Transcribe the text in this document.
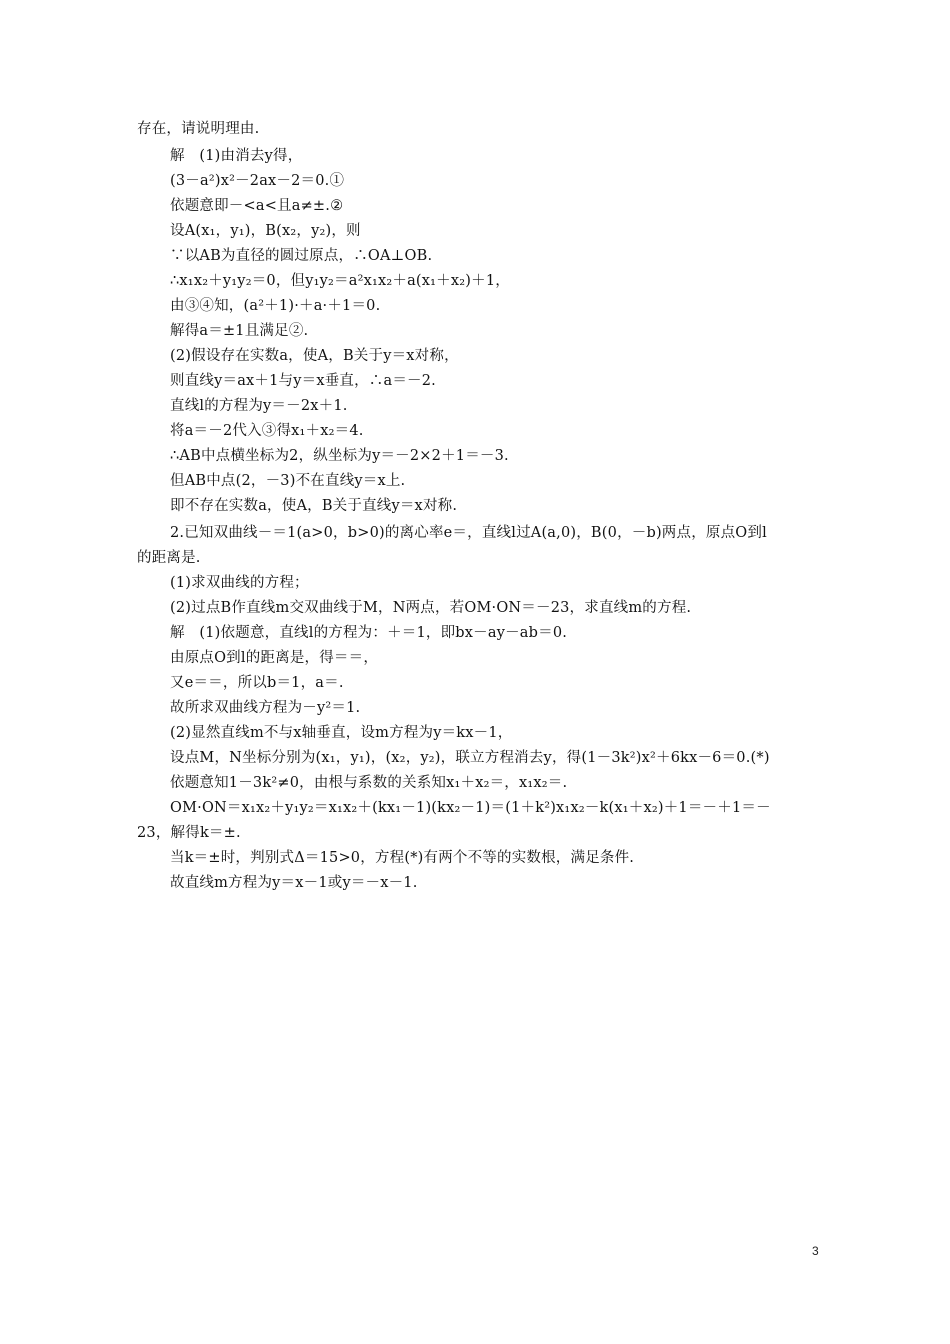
存在，请说明理由.
解　(1)由消去y得，
(3－a²)x²－2ax－2＝0.①
依题意即－<a<且a≠±.②
设A(x₁，y₁)，B(x₂，y₂)，则
∵以AB为直径的圆过原点，∴OA⊥OB.
∴x₁x₂＋y₁y₂＝0，但y₁y₂＝a²x₁x₂＋a(x₁＋x₂)＋1，
由③④知，(a²＋1)·＋a·＋1＝0.
解得a＝±1且满足②.
(2)假设存在实数a，使A，B关于y＝x对称，
则直线y＝ax＋1与y＝x垂直，∴a＝－2.
直线l的方程为y＝－2x＋1.
将a＝－2代入③得x₁＋x₂＝4.
∴AB中点横坐标为2，纵坐标为y＝－2×2＋1＝－3.
但AB中点(2，－3)不在直线y＝x上.
即不存在实数a，使A，B关于直线y＝x对称.
2.已知双曲线－＝1(a>0，b>0)的离心率e＝，直线l过A(a,0)，B(0，－b)两点，原点O到l
的距离是.
(1)求双曲线的方程；
(2)过点B作直线m交双曲线于M，N两点，若OM·ON＝－23，求直线m的方程.
解　(1)依题意，直线l的方程为：＋＝1，即bx－ay－ab＝0.
由原点O到l的距离是，得＝＝，
又e＝＝，所以b＝1，a＝.
故所求双曲线方程为－y²＝1.
(2)显然直线m不与x轴垂直，设m方程为y＝kx－1，
设点M，N坐标分别为(x₁，y₁)，(x₂，y₂)，联立方程消去y，得(1－3k²)x²＋6kx－6＝0.(*)
依题意知1－3k²≠0，由根与系数的关系知x₁＋x₂＝，x₁x₂＝.
OM·ON＝x₁x₂＋y₁y₂＝x₁x₂＋(kx₁－1)(kx₂－1)＝(1＋k²)x₁x₂－k(x₁＋x₂)＋1＝－＋1＝－
23，解得k＝±.
当k＝±时，判别式Δ＝15>0，方程(*)有两个不等的实数根，满足条件.
故直线m方程为y＝x－1或y＝－x－1.
3
